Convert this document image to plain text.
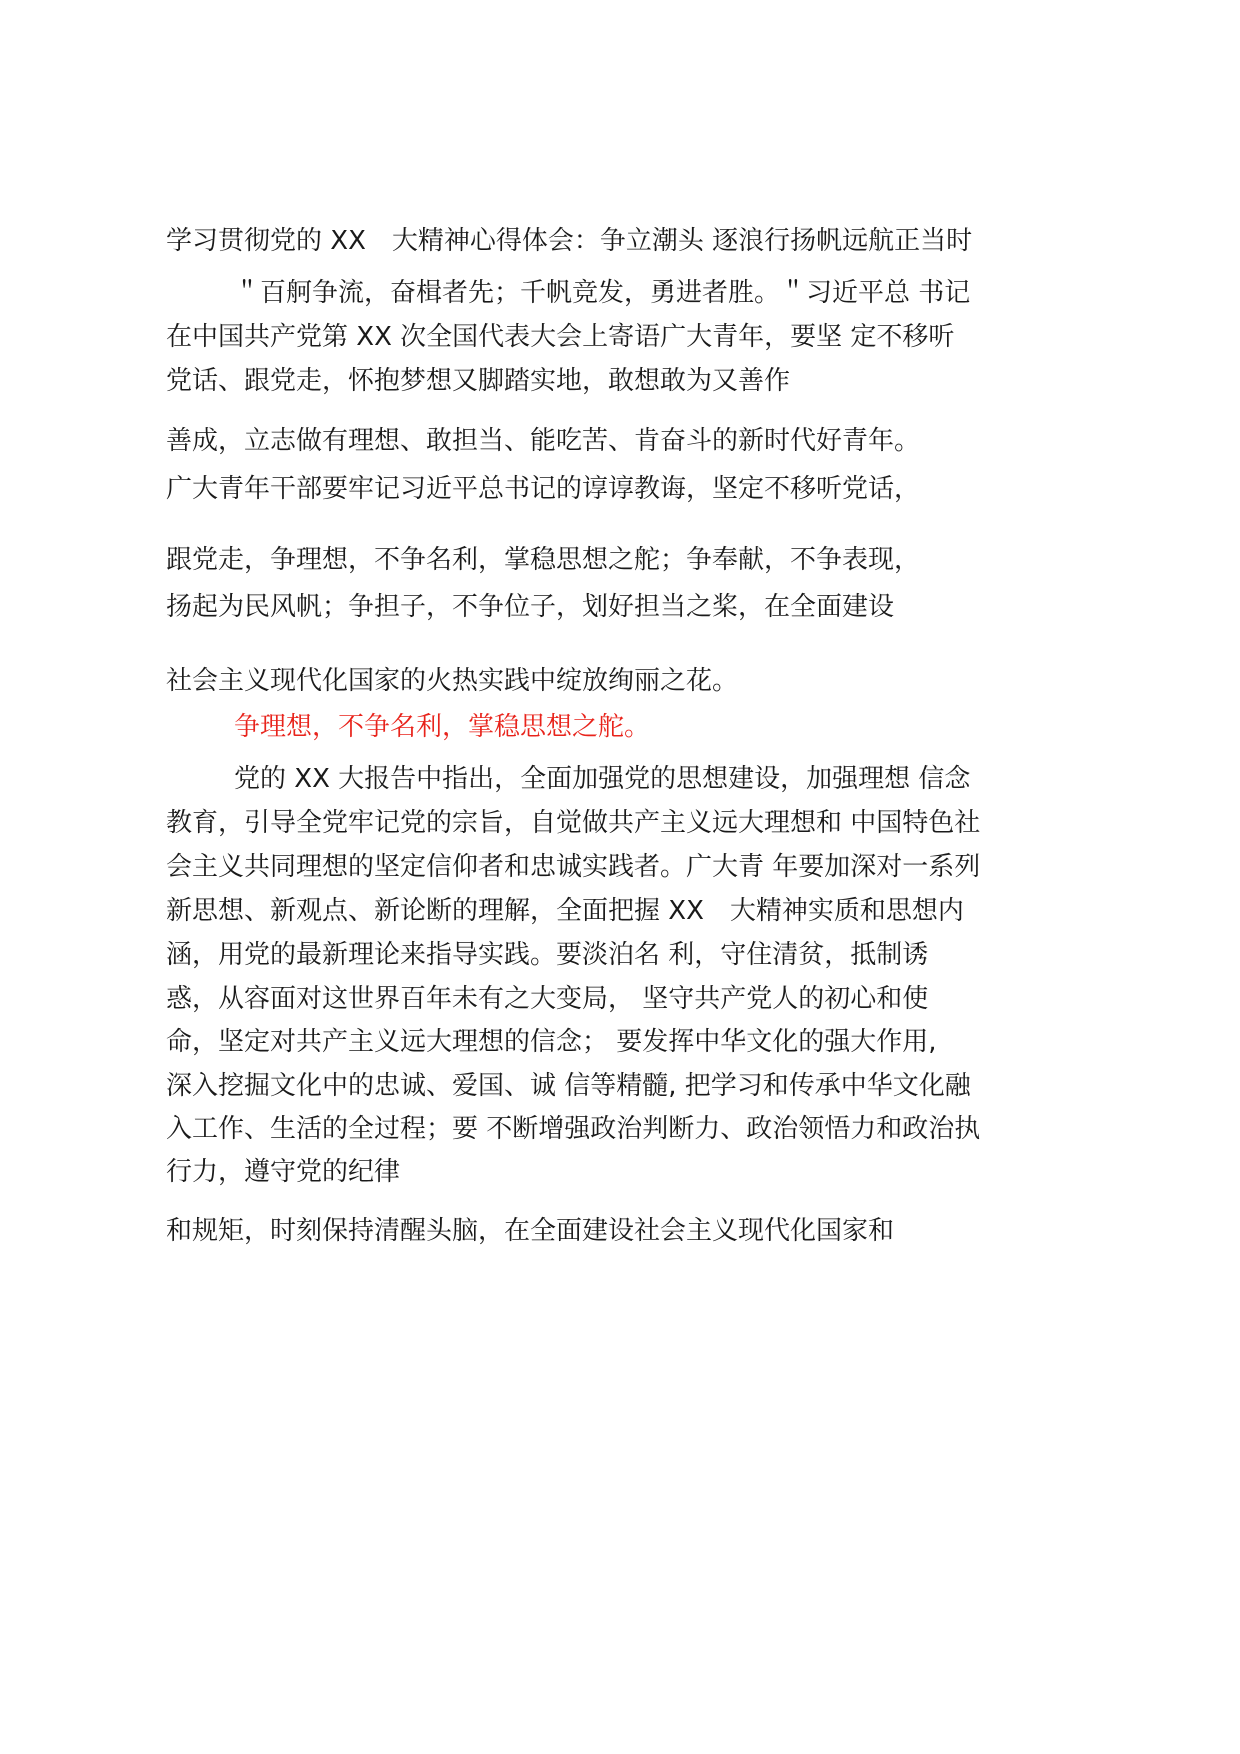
学习贯彻党的 XX　大精神心得体会：争立潮头 逐浪行扬帆远航正当时
＂百舸争流，奋楫者先；千帆竞发，勇进者胜。＂习近平总 书记
在中国共产党第 XX 次全国代表大会上寄语广大青年，要坚 定不移听
党话、跟党走，怀抱梦想又脚踏实地，敢想敢为又善作
善成，立志做有理想、敢担当、能吃苦、肯奋斗的新时代好青年。
广大青年干部要牢记习近平总书记的谆谆教诲，坚定不移听党话，
跟党走，争理想，不争名利，掌稳思想之舵；争奉献，不争表现，
扬起为民风帆；争担子，不争位子，划好担当之桨，在全面建设
社会主义现代化国家的火热实践中绽放绚丽之花。
争理想，不争名利，掌稳思想之舵。
党的 XX 大报告中指出，全面加强党的思想建设，加强理想 信念
教育，引导全党牢记党的宗旨，自觉做共产主义远大理想和 中国特色社
会主义共同理想的坚定信仰者和忠诚实践者。广大青 年要加深对一系列
新思想、新观点、新论断的理解，全面把握 XX　大精神实质和思想内
涵，用党的最新理论来指导实践。要淡泊名 利，守住清贫，抵制诱
惑，从容面对这世界百年未有之大变局， 坚守共产党人的初心和使
命，坚定对共产主义远大理想的信念； 要发挥中华文化的强大作用,
深入挖掘文化中的忠诚、爱国、诚 信等精髓, 把学习和传承中华文化融
入工作、生活的全过程；要 不断增强政治判断力、政治领悟力和政治执
行力，遵守党的纪律
和规矩，时刻保持清醒头脑，在全面建设社会主义现代化国家和
